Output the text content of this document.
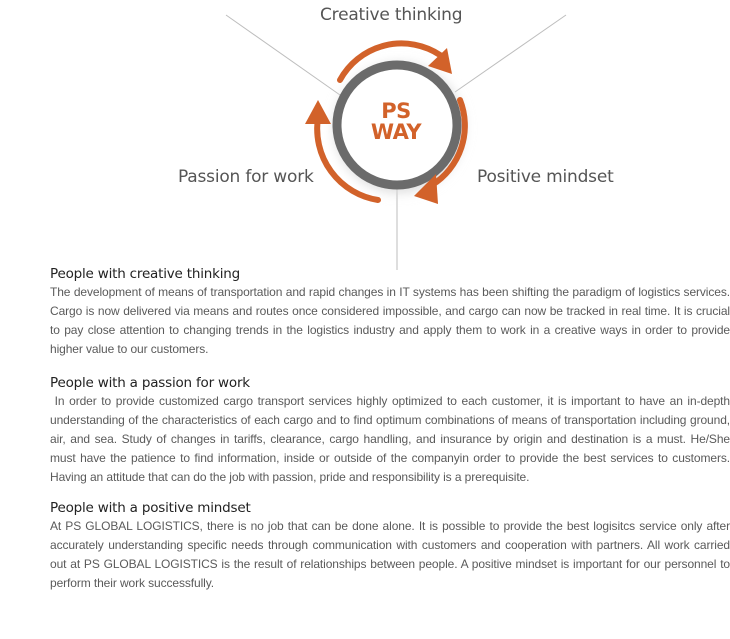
Creative thinking
Passion for work	Positive mindset
PS
WAY
People with creative thinking

The development of means of transportation and rapid changes in IT systems has been shifting the paradigm of logistics services. Cargo is now delivered via means and routes once considered impossible, and cargo can now be tracked in real time. It is crucial to pay close attention to changing trends in the logistics industry and apply them to work in a creative ways in order to provide higher value to our customers.

People with a passion for work

In order to provide customized cargo transport services highly optimized to each customer, it is important to have an in-depth understanding of the characteristics of each cargo and to find optimum combinations of means of transportation including ground, air, and sea. Study of changes in tariffs, clearance, cargo handling, and insurance by origin and destination is a must. He/She must have the patience to find information, inside or outside of the companyin order to provide the best services to customers. Having an attitude that can do the job with passion, pride and responsibility is a prerequisite.

People with a positive mindset

At PS GLOBAL LOGISTICS, there is no job that can be done alone. It is possible to provide the best logisitcs service only after accurately understanding specific needs through communication with customers and cooperation with partners. All work carried out at PS GLOBAL LOGISTICS is the result of relationships between people. A positive mindset is important for our personnel to perform their work successfully.
